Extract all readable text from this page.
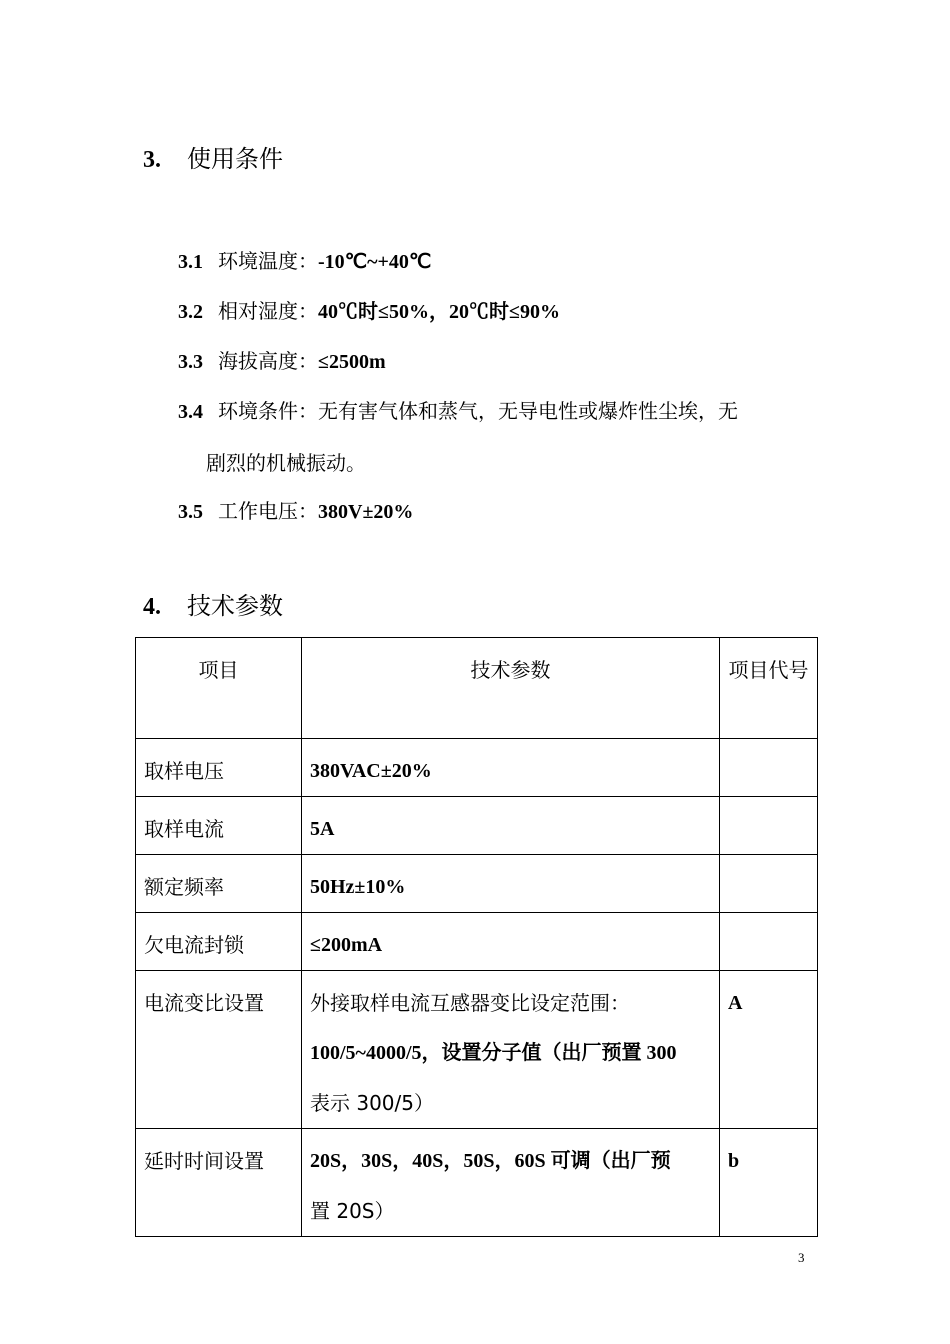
3. 使用条件
3.1 环境温度：-10℃~+40℃
3.2 相对湿度：40℃时≤50%，20℃时≤90%
3.3 海拔高度：≤2500m
3.4 环境条件：无有害气体和蒸气，无导电性或爆炸性尘埃，无
剧烈的机械振动。
3.5 工作电压：380V±20%
4. 技术参数
项目	技术参数	项目代号
取样电压	380VAC±20%	
取样电流	5A	
额定频率	50Hz±10%	
欠电流封锁	≤200mA	
电流变比设置	外接取样电流互感器变比设定范围：
100/5~4000/5，设置分子值（出厂预置 300
表示 300/5）	A
延时时间设置	20S，30S，40S，50S，60S 可调（出厂预
置 20S）	b
3
